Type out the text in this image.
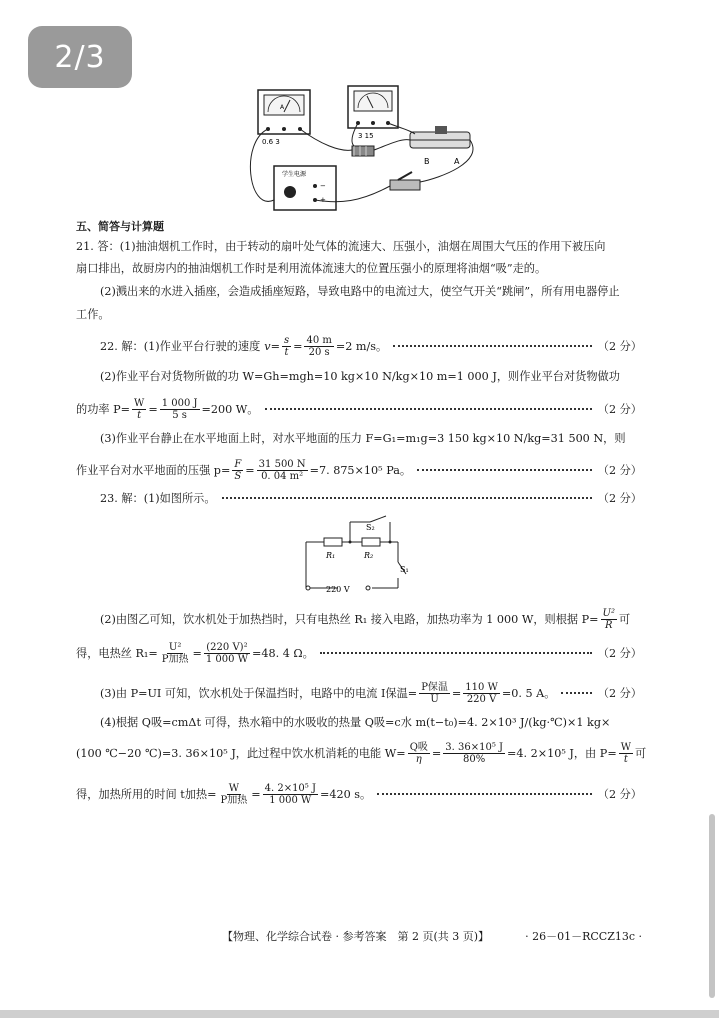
2/3
A
0.6 3
3 15
B	A
学生电源
−
+
五、简答与计算题
21. 答：(1)抽油烟机工作时，由于转动的扇叶处气体的流速大、压强小，油烟在周围大气压的作用下被压向
扇口排出，故厨房内的抽油烟机工作时是利用流体流速大的位置压强小的原理将油烟“吸”走的。
(2)溅出来的水进入插座，会造成插座短路，导致电路中的电流过大，使空气开关“跳闸”，所有用电器停止
工作。
22. 解：(1)作业平台行驶的速度 $v= \frac{s}{t} = \frac{40 m}{20 s} =2$ m/s。	（2 分）
(2)作业平台对货物所做的功 W=Gh=mgh=10 kg×10 N/kg×10 m=1 000 J，则作业平台对货物做功
的功率 $P= \frac{W}{t} = \frac{1 000 J}{5 s} =200$ W。	（2 分）
(3)作业平台静止在水平地面上时，对水平地面的压力 F=G₁=m₁g=3 150 kg×10 N/kg=31 500 N，则
作业平台对水平地面的压强 $p= \frac{F}{S} = \frac{31 500 N}{\text{0. 04 m²}} =7$. 875×10⁵ Pa。	（2 分）
23. 解：(1)如图所示。	（2 分）
R₁	R₂
S₂
S₁
220 V
(2)由图乙可知，饮水机处于加热挡时，只有电热丝 R₁ 接入电路，加热功率为 1 000 W，则根据 $P= \frac{\text{U²}}{R}$ 可
得，电热丝 $R_1= \frac{\text{U²}}{\text{P加热}} = \frac{\text{(220 V)²}}{1 000 W} =48$. 4 Ω。	（2 分）
(3)由 P=UI 可知，饮水机处于保温挡时，电路中的电流 I保温= $\frac{\text{P保温}}{U} = \frac{110 W}{220 V} =0$. 5 A。	（2 分）
(4)根据 Q吸=cmΔt 可得，热水箱中的水吸收的热量 Q吸=c水 m(t−t₀)=4. 2×10³ J/(kg·℃)×1 kg×
(100 ℃−20 ℃)=3. 36×10⁵ J，此过程中饮水机消耗的电能 $W= \frac{\text{Q吸}}{\eta} = \frac{\text{3. 36×10⁵ J}}{80\%} =4$. 2×10⁵ J，由 $P= \frac{W}{t}$ 可
得，加热所用的时间 t加热= $\frac{W}{\text{P加热}} = \frac{\text{4. 2×10⁵ J}}{1 000 W} =420$ s。	（2 分）
【物理、化学综合试卷 · 参考答案　第 2 页(共 3 页)】	· 26－01－RCCZ13c ·
